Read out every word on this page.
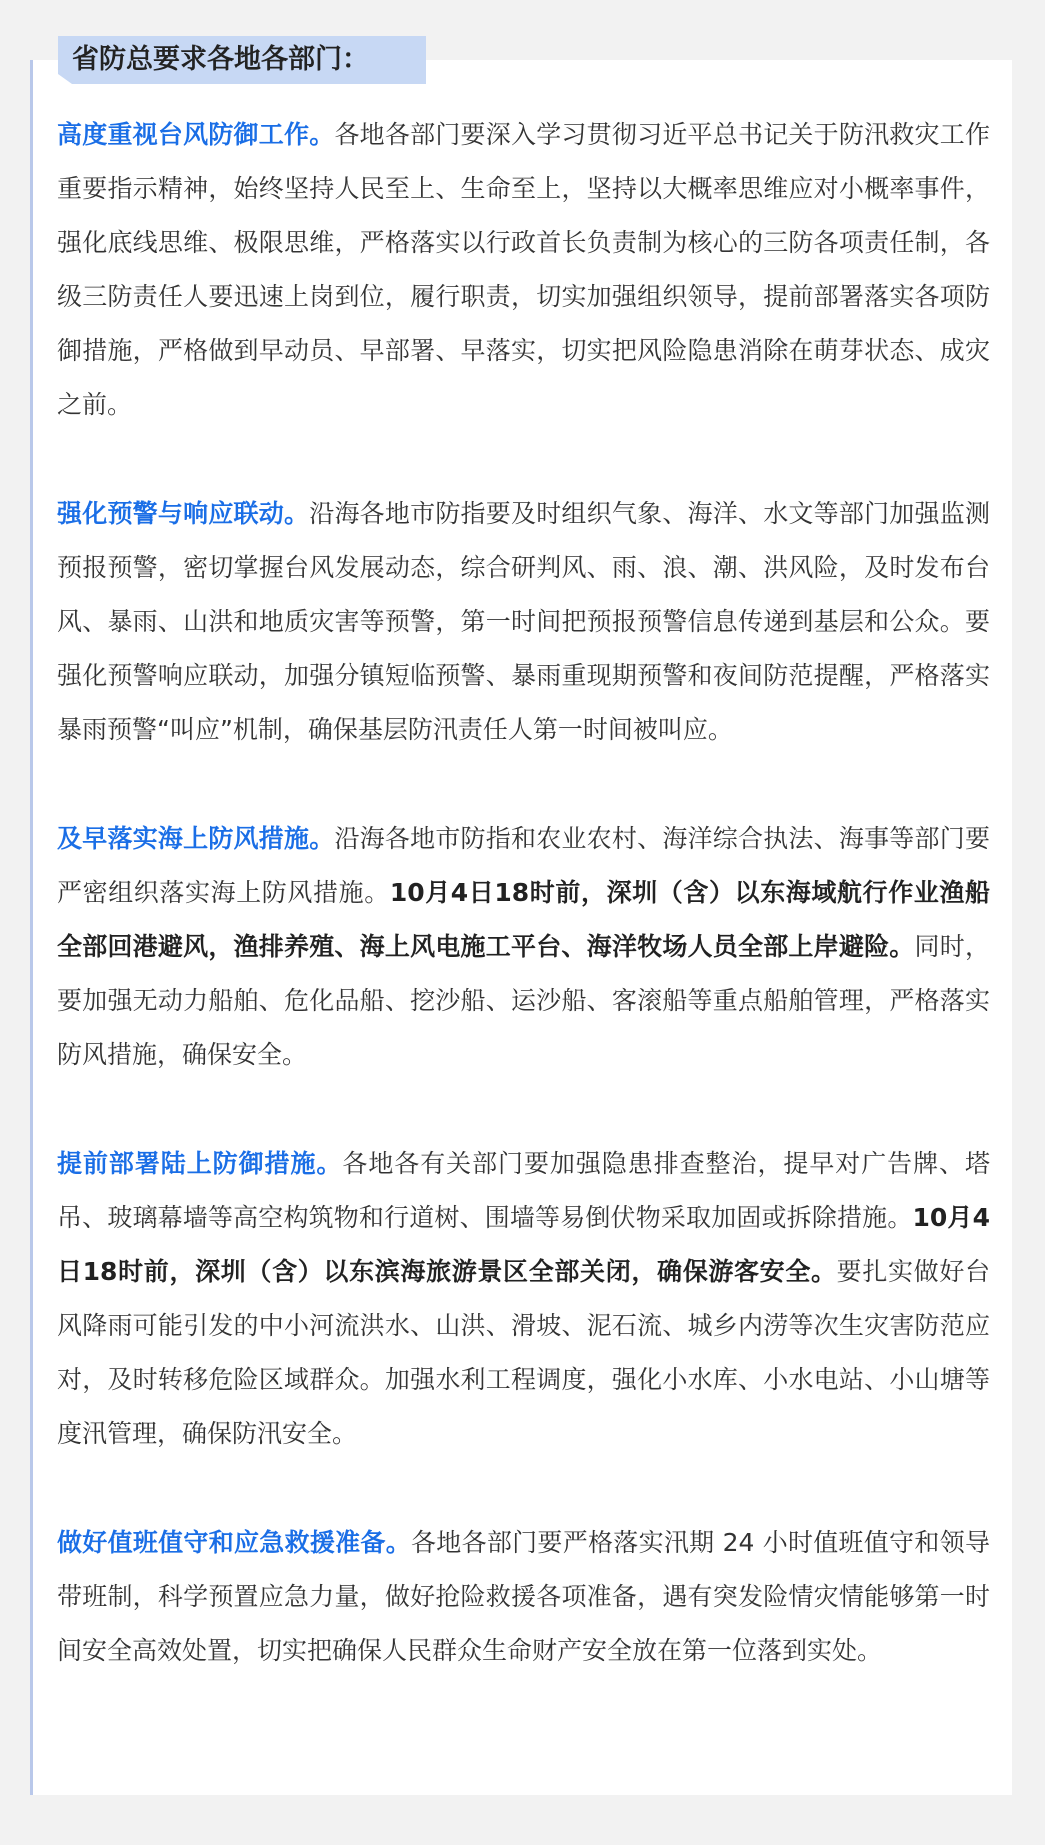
省防总要求各地各部门：

高度重视台风防御工作。各地各部门要深入学习贯彻习近平总书记关于防汛救灾工作重要指示精神，始终坚持人民至上、生命至上，坚持以大概率思维应对小概率事件，强化底线思维、极限思维，严格落实以行政首长负责制为核心的三防各项责任制，各级三防责任人要迅速上岗到位，履行职责，切实加强组织领导，提前部署落实各项防御措施，严格做到早动员、早部署、早落实，切实把风险隐患消除在萌芽状态、成灾之前。

强化预警与响应联动。沿海各地市防指要及时组织气象、海洋、水文等部门加强监测预报预警，密切掌握台风发展动态，综合研判风、雨、浪、潮、洪风险，及时发布台风、暴雨、山洪和地质灾害等预警，第一时间把预报预警信息传递到基层和公众。要强化预警响应联动，加强分镇短临预警、暴雨重现期预警和夜间防范提醒，严格落实暴雨预警“叫应”机制，确保基层防汛责任人第一时间被叫应。

及早落实海上防风措施。沿海各地市防指和农业农村、海洋综合执法、海事等部门要严密组织落实海上防风措施。10月4日18时前，深圳（含）以东海域航行作业渔船全部回港避风，渔排养殖、海上风电施工平台、海洋牧场人员全部上岸避险。同时，要加强无动力船舶、危化品船、挖沙船、运沙船、客滚船等重点船舶管理，严格落实防风措施，确保安全。

提前部署陆上防御措施。各地各有关部门要加强隐患排查整治，提早对广告牌、塔吊、玻璃幕墙等高空构筑物和行道树、围墙等易倒伏物采取加固或拆除措施。10月4日18时前，深圳（含）以东滨海旅游景区全部关闭，确保游客安全。要扎实做好台风降雨可能引发的中小河流洪水、山洪、滑坡、泥石流、城乡内涝等次生灾害防范应对，及时转移危险区域群众。加强水利工程调度，强化小水库、小水电站、小山塘等度汛管理，确保防汛安全。

做好值班值守和应急救援准备。各地各部门要严格落实汛期 24 小时值班值守和领导带班制，科学预置应急力量，做好抢险救援各项准备，遇有突发险情灾情能够第一时间安全高效处置，切实把确保人民群众生命财产安全放在第一位落到实处。
